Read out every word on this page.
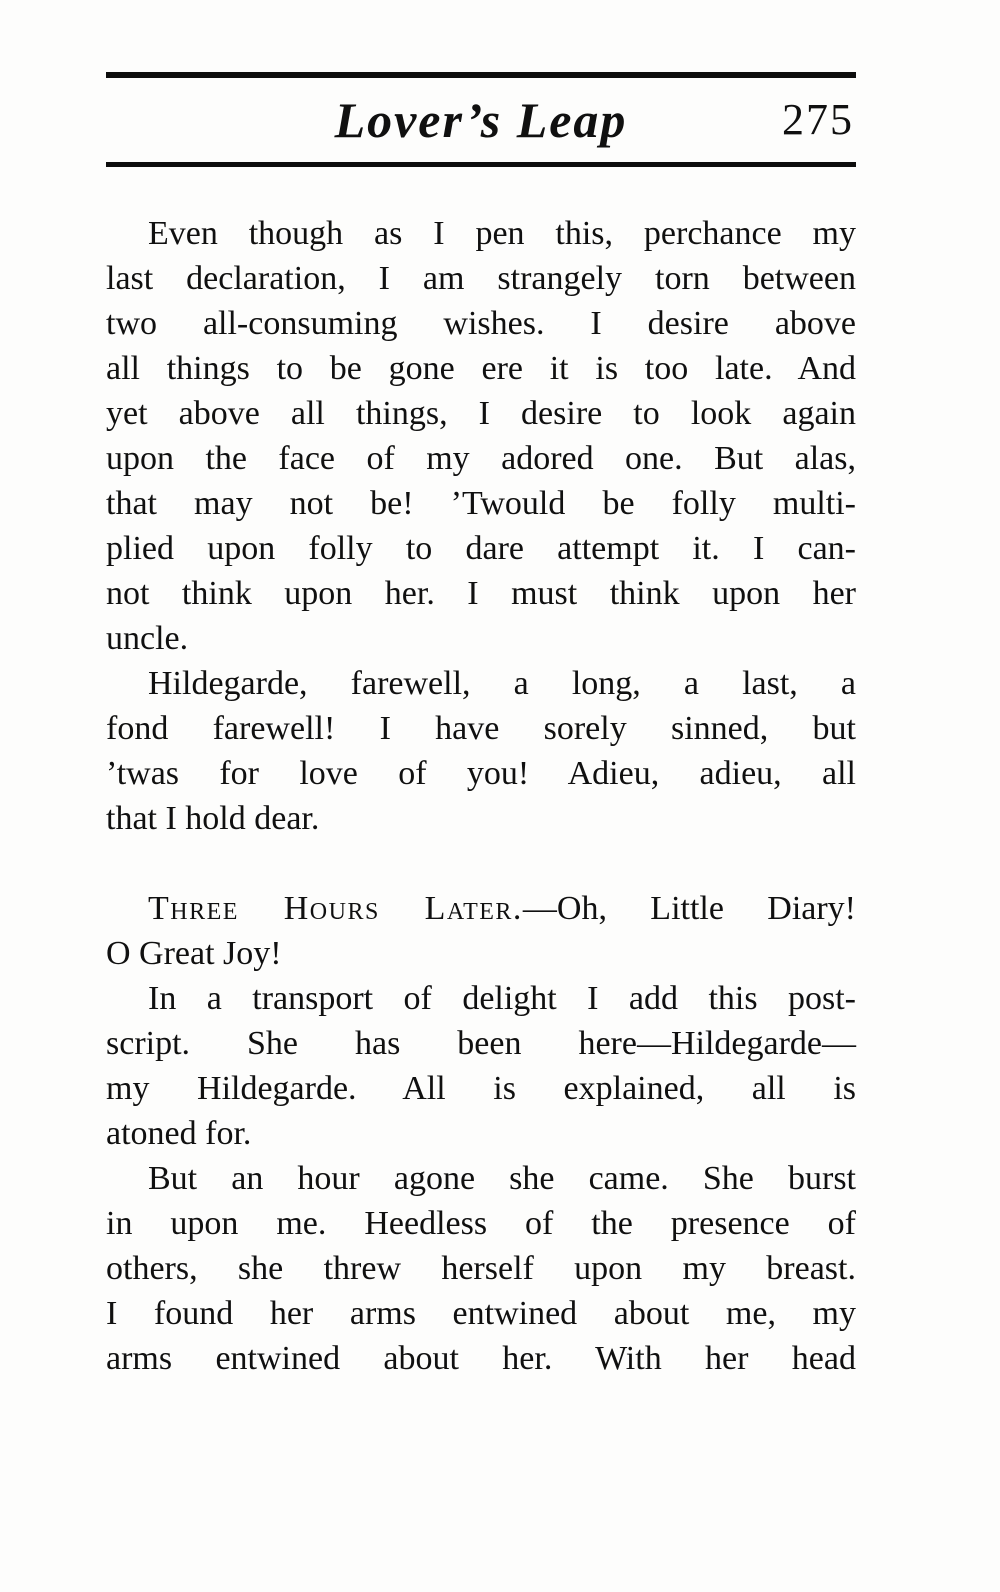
Lover’s Leap	275
Even though as I pen this, perchance my
last declaration, I am strangely torn between
two all-consuming wishes. I desire above
all things to be gone ere it is too late. And
yet above all things, I desire to look again
upon the face of my adored one. But alas,
that may not be! ’Twould be folly multi-
plied upon folly to dare attempt it. I can-
not think upon her. I must think upon her
uncle.
Hildegarde, farewell, a long, a last, a
fond farewell! I have sorely sinned, but
’twas for love of you! Adieu, adieu, all
that I hold dear.
Three Hours Later.—Oh, Little Diary!
O Great Joy!
In a transport of delight I add this post-
script. She has been here—Hildegarde—
my Hildegarde. All is explained, all is
atoned for.
But an hour agone she came. She burst
in upon me. Heedless of the presence of
others, she threw herself upon my breast.
I found her arms entwined about me, my
arms entwined about her. With her head
